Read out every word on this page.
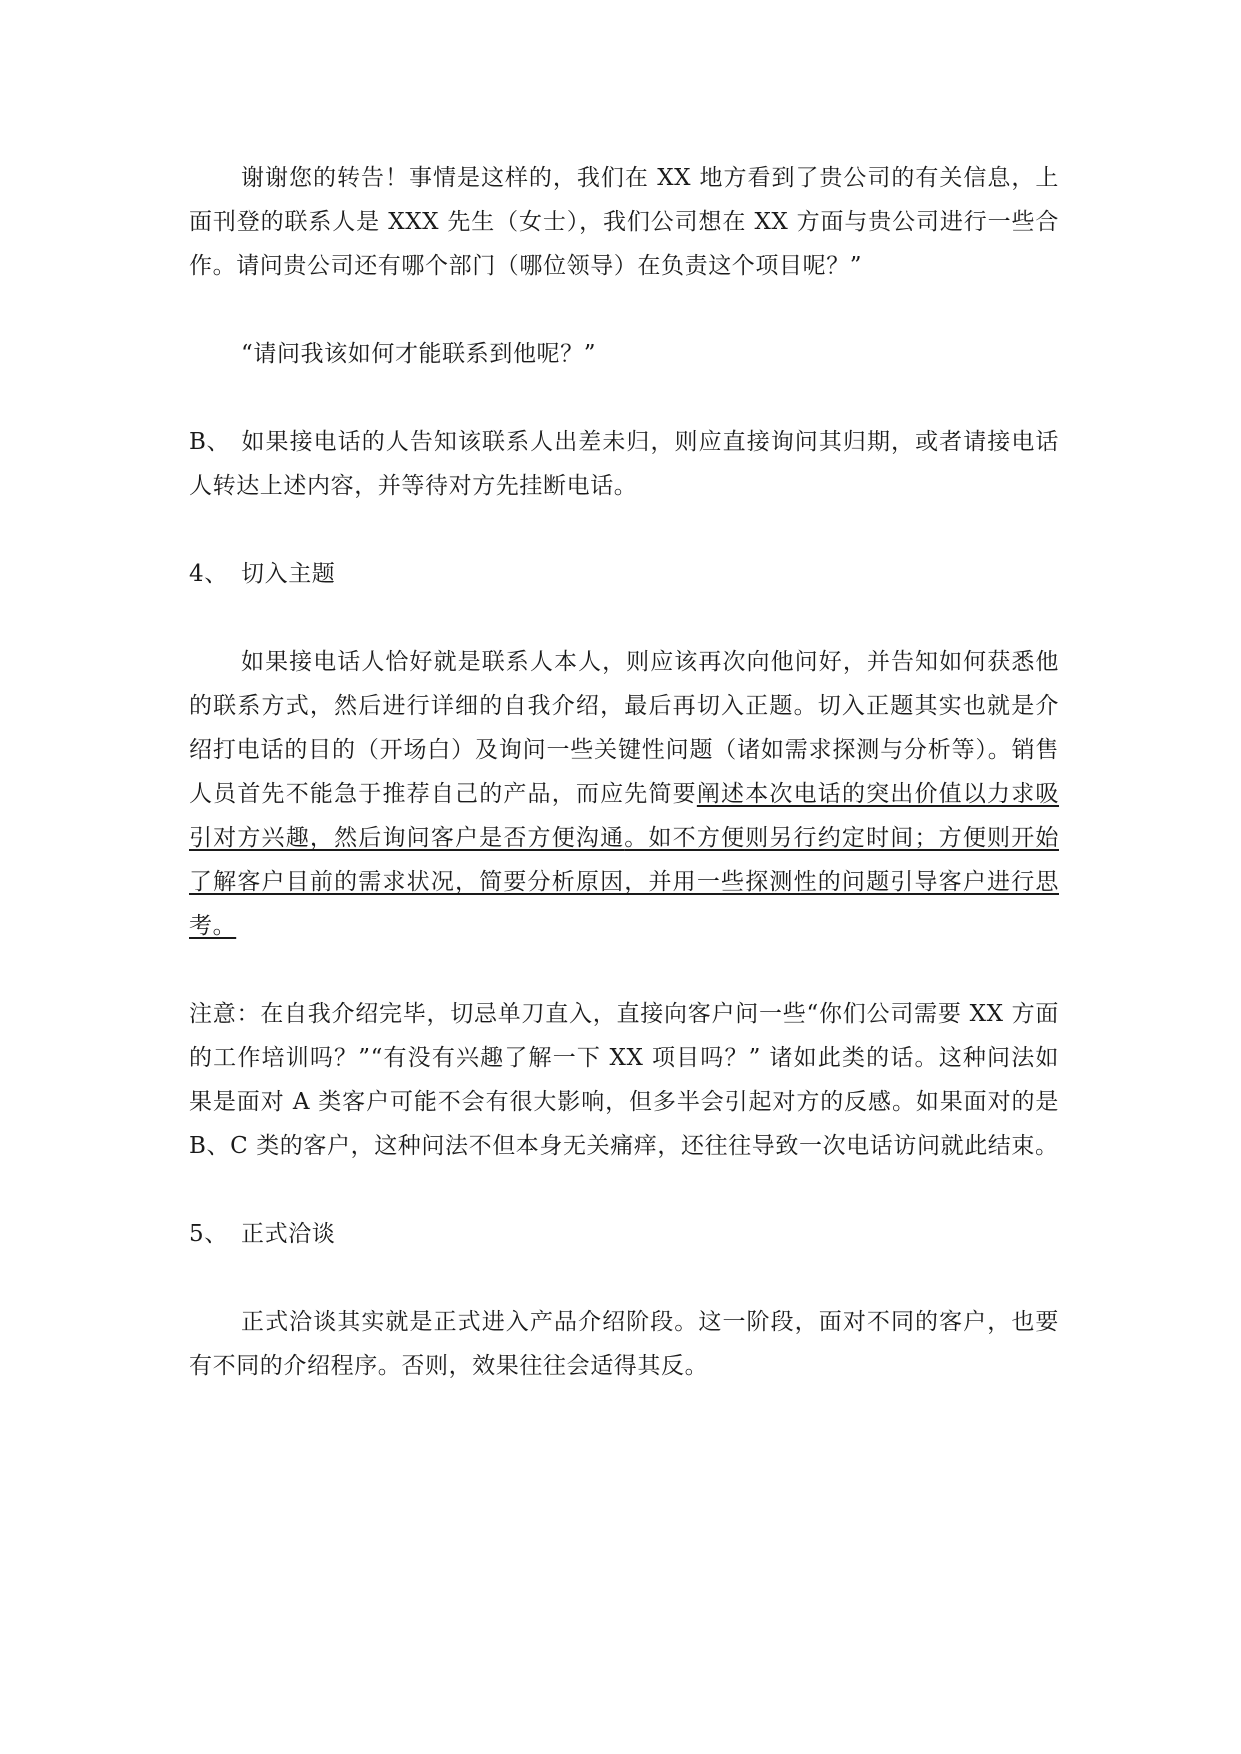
谢谢您的转告！事情是这样的，我们在 XX 地方看到了贵公司的有关信息，上面刊登的联系人是 XXX 先生（女士），我们公司想在 XX 方面与贵公司进行一些合作。请问贵公司还有哪个部门（哪位领导）在负责这个项目呢？”

“请问我该如何才能联系到他呢？”

B、 如果接电话的人告知该联系人出差未归，则应直接询问其归期，或者请接电话人转达上述内容，并等待对方先挂断电话。

4、 切入主题

如果接电话人恰好就是联系人本人，则应该再次向他问好，并告知如何获悉他的联系方式，然后进行详细的自我介绍，最后再切入正题。切入正题其实也就是介绍打电话的目的（开场白）及询问一些关键性问题（诸如需求探测与分析等）。销售人员首先不能急于推荐自己的产品，而应先简要阐述本次电话的突出价值以力求吸引对方兴趣，然后询问客户是否方便沟通。如不方便则另行约定时间；方便则开始了解客户目前的需求状况，简要分析原因，并用一些探测性的问题引导客户进行思考。

注意：在自我介绍完毕，切忌单刀直入，直接向客户问一些“你们公司需要 XX 方面的工作培训吗？”“有没有兴趣了解一下 XX 项目吗？” 诸如此类的话。这种问法如果是面对 A 类客户可能不会有很大影响，但多半会引起对方的反感。如果面对的是 B、C 类的客户，这种问法不但本身无关痛痒，还往往导致一次电话访问就此结束。

5、 正式洽谈

正式洽谈其实就是正式进入产品介绍阶段。这一阶段，面对不同的客户，也要有不同的介绍程序。否则，效果往往会适得其反。
